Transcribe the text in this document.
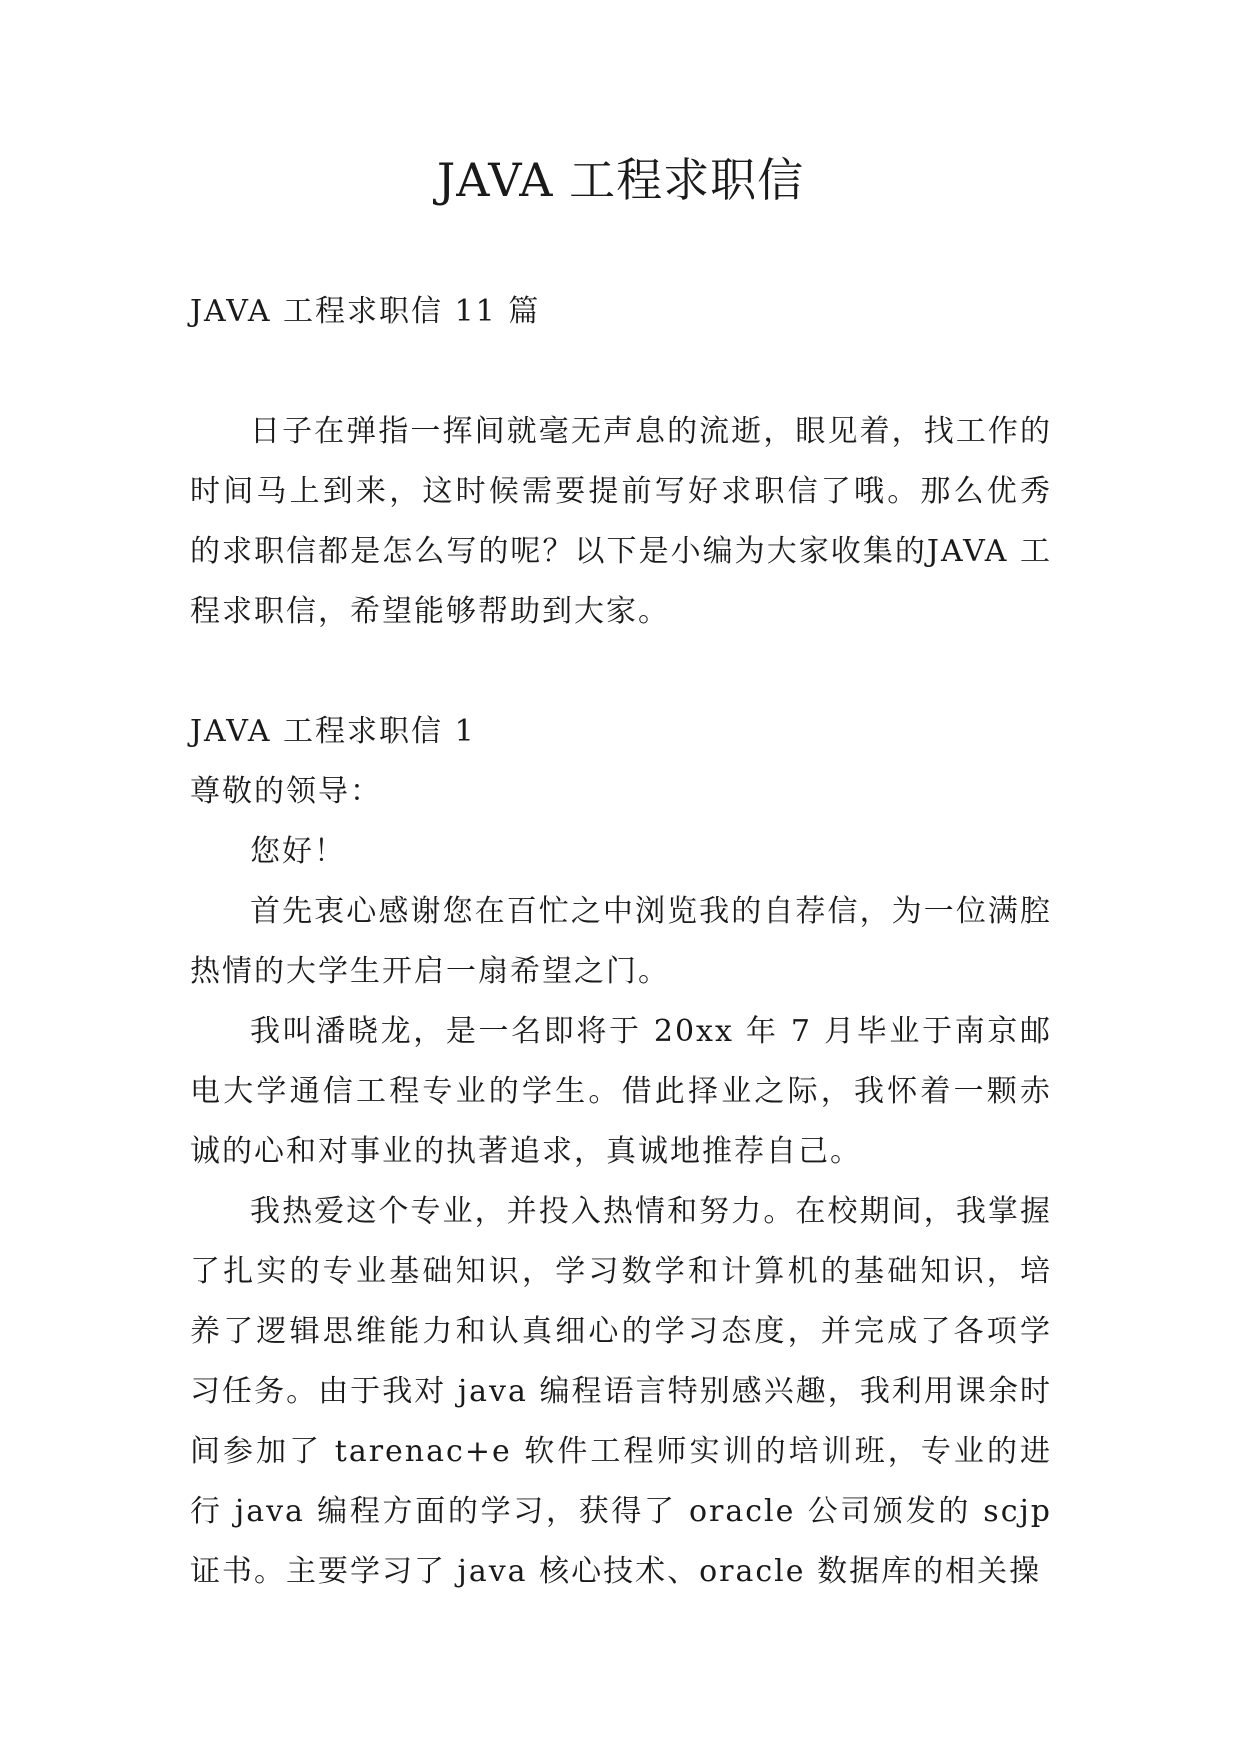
JAVA 工程求职信
JAVA 工程求职信 11 篇

日子在弹指一挥间就毫无声息的流逝，眼见着，找工作的时间马上到来，这时候需要提前写好求职信了哦。那么优秀的求职信都是怎么写的呢？以下是小编为大家收集的JAVA 工程求职信，希望能够帮助到大家。

JAVA 工程求职信 1
尊敬的领导：

您好！

首先衷心感谢您在百忙之中浏览我的自荐信，为一位满腔热情的大学生开启一扇希望之门。

我叫潘晓龙，是一名即将于 20xx 年 7 月毕业于南京邮电大学通信工程专业的学生。借此择业之际，我怀着一颗赤诚的心和对事业的执著追求，真诚地推荐自己。

我热爱这个专业，并投入热情和努力。在校期间，我掌握了扎实的专业基础知识，学习数学和计算机的基础知识，培养了逻辑思维能力和认真细心的学习态度，并完成了各项学习任务。由于我对 java 编程语言特别感兴趣，我利用课余时间参加了 tarenac+e 软件工程师实训的培训班，专业的进行 java 编程方面的学习，获得了 oracle 公司颁发的 scjp 证书。主要学习了 java 核心技术、oracle 数据库的相关操
